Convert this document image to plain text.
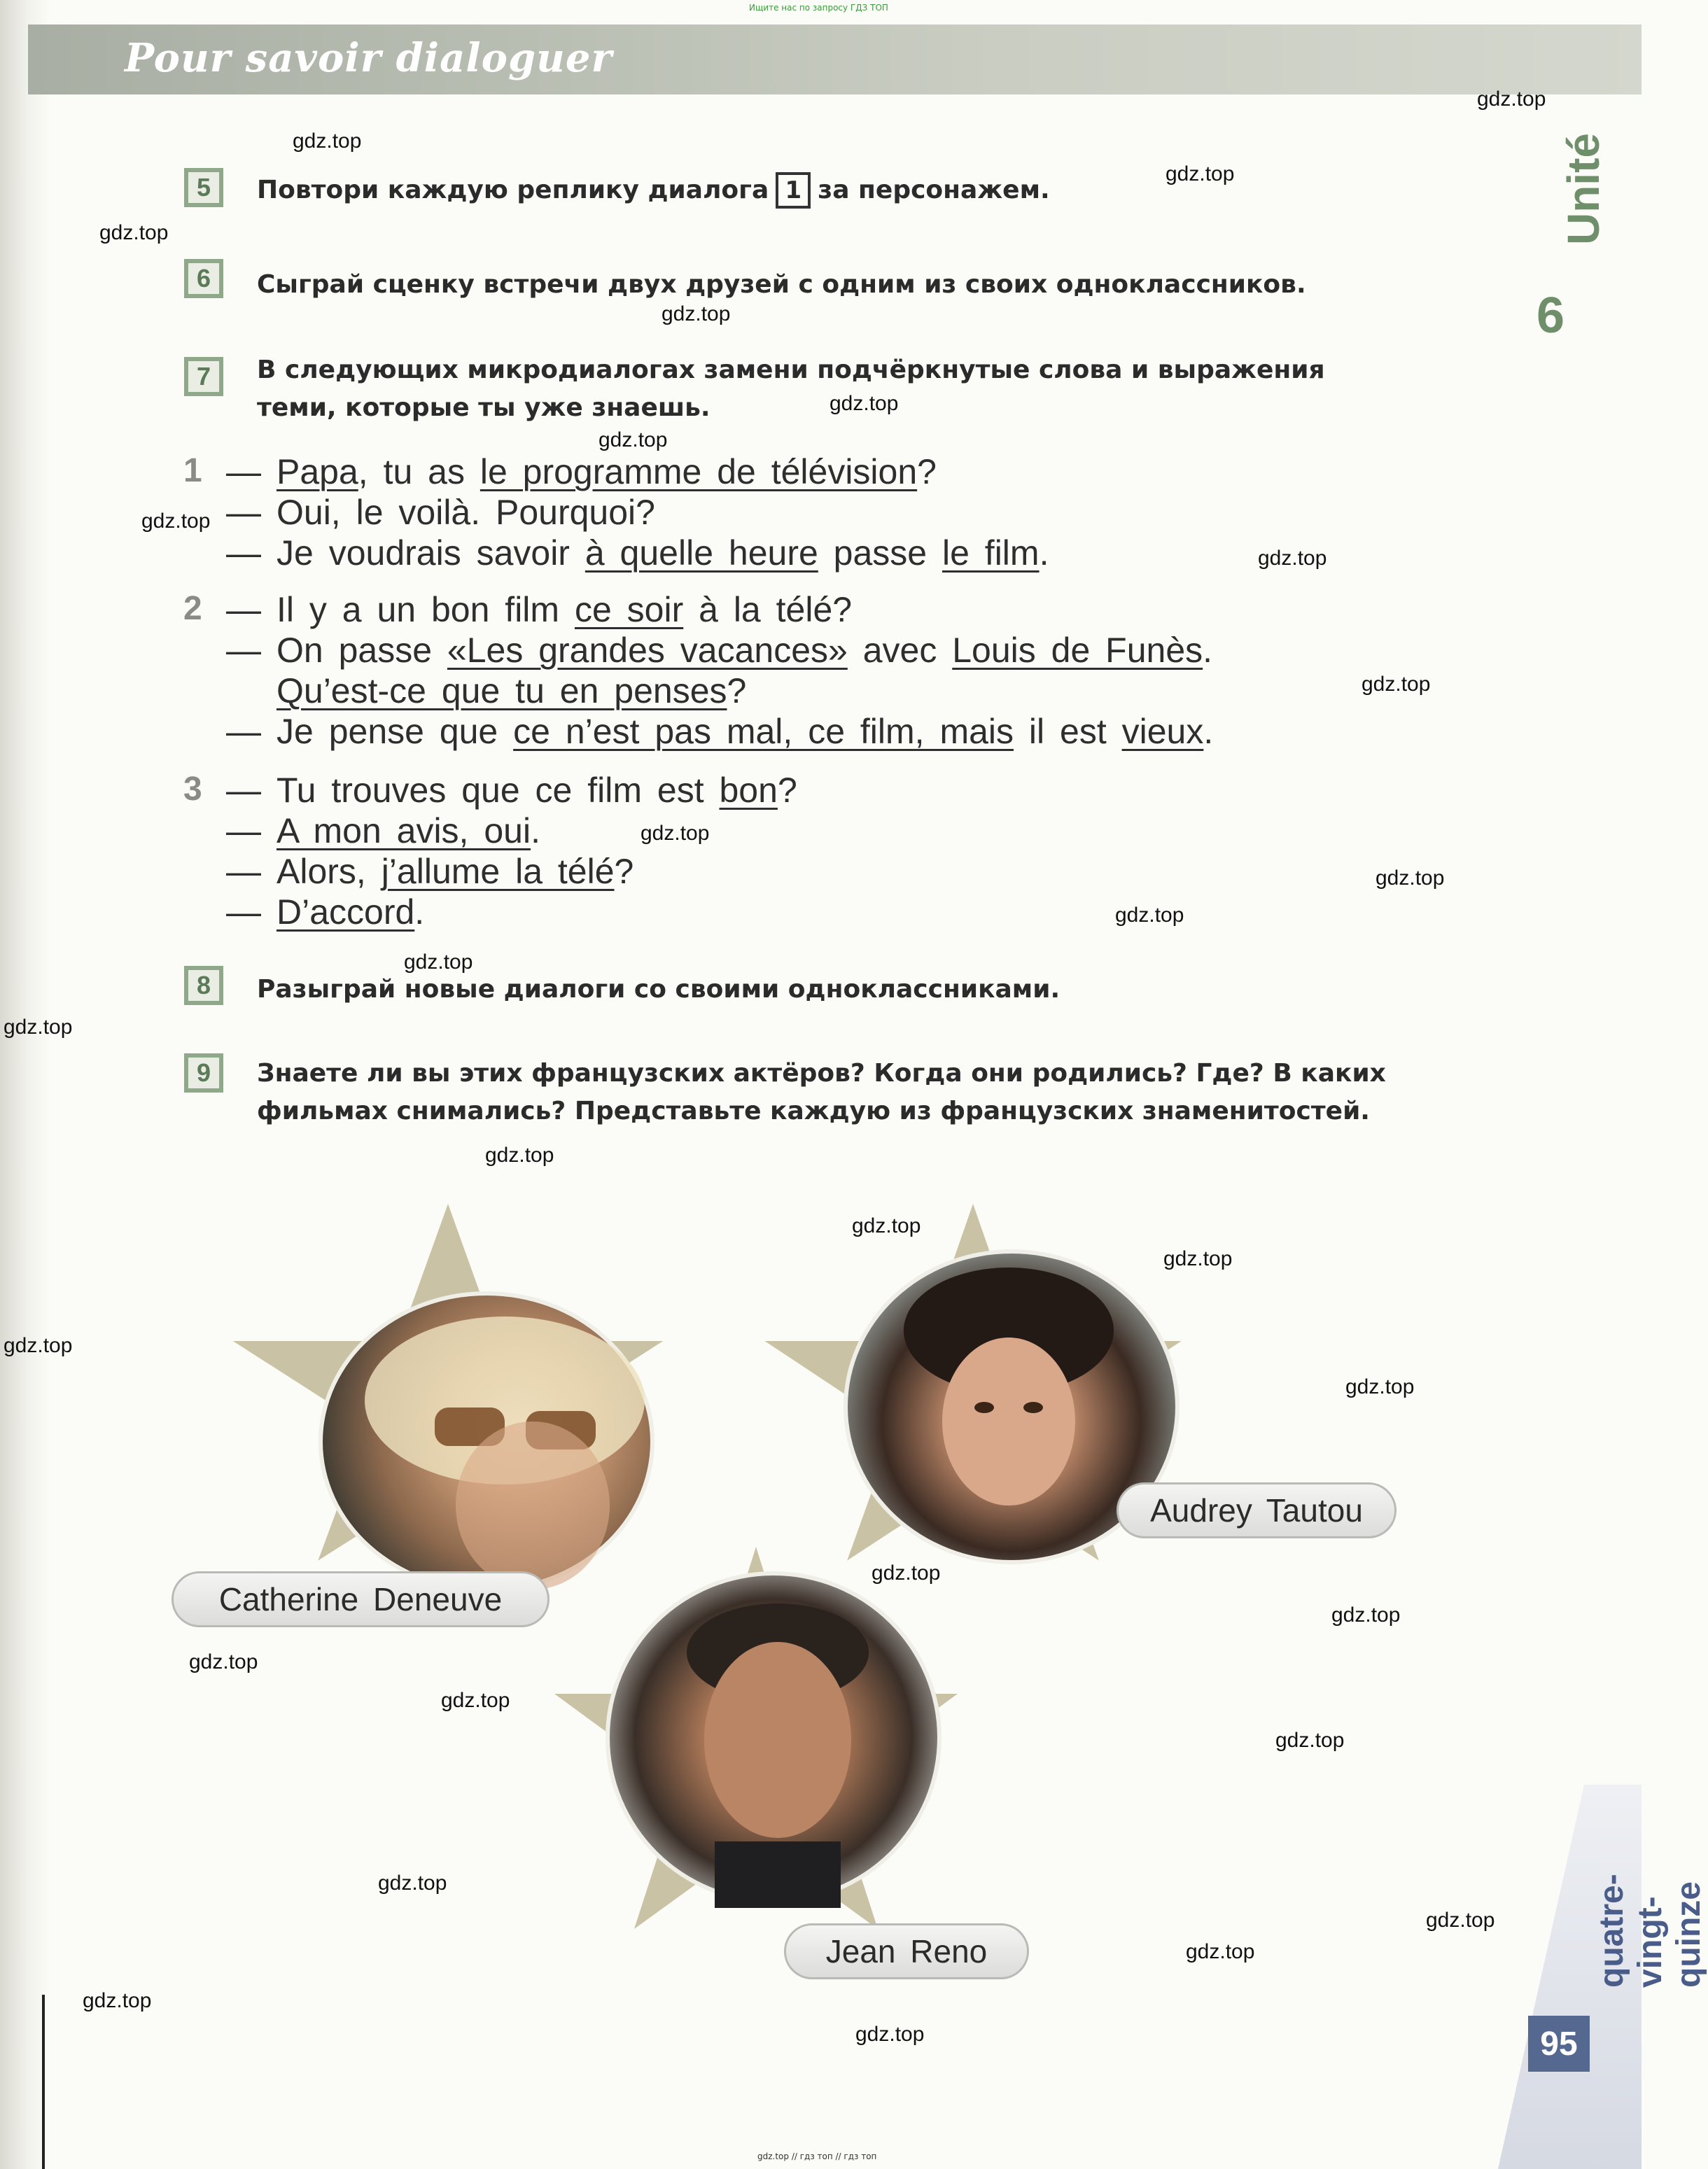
Ищите нас по запросу ГДЗ ТОП
Pour savoir dialoguer
6
Unité
quatre-vingt-quinze
95
5	Повтори каждую реплику диалога 1 за персонажем.
6	Сыграй сценку встречи двух друзей с одним из своих одноклассников.
7	В следующих микродиалогах замени подчёркнутые слова и выражения теми, которые ты уже знаешь.
1 — Papa, tu as le programme de télévision?
— Oui, le voilà. Pourquoi?
— Je voudrais savoir à quelle heure passe le film.
2 — Il y a un bon film ce soir à la télé?
— On passe «Les grandes vacances» avec Louis de Funès.
Qu’est-ce que tu en penses?
— Je pense que ce n’est pas mal, ce film, mais il est vieux.
3 — Tu trouves que ce film est bon?
— A mon avis, oui.
— Alors, j’allume la télé?
— D’accord.
8	Разыграй новые диалоги со своими одноклассниками.
9	Знаете ли вы этих французских актёров? Когда они родились? Где? В каких фильмах снимались? Представьте каждую из французских знаменитостей.
Catherine Deneuve
Audrey Tautou
Jean Reno
gdz.top
gdz.top
gdz.top
gdz.top
gdz.top
gdz.top
gdz.top
gdz.top
gdz.top
gdz.top
gdz.top
gdz.top
gdz.top
gdz.top
gdz.top
gdz.top
gdz.top
gdz.top
gdz.top
gdz.top
gdz.top
gdz.top
gdz.top
gdz.top
gdz.top
gdz.top
gdz.top
gdz.top
gdz.top
gdz.top
gdz.top // гдз топ // гдз топ
